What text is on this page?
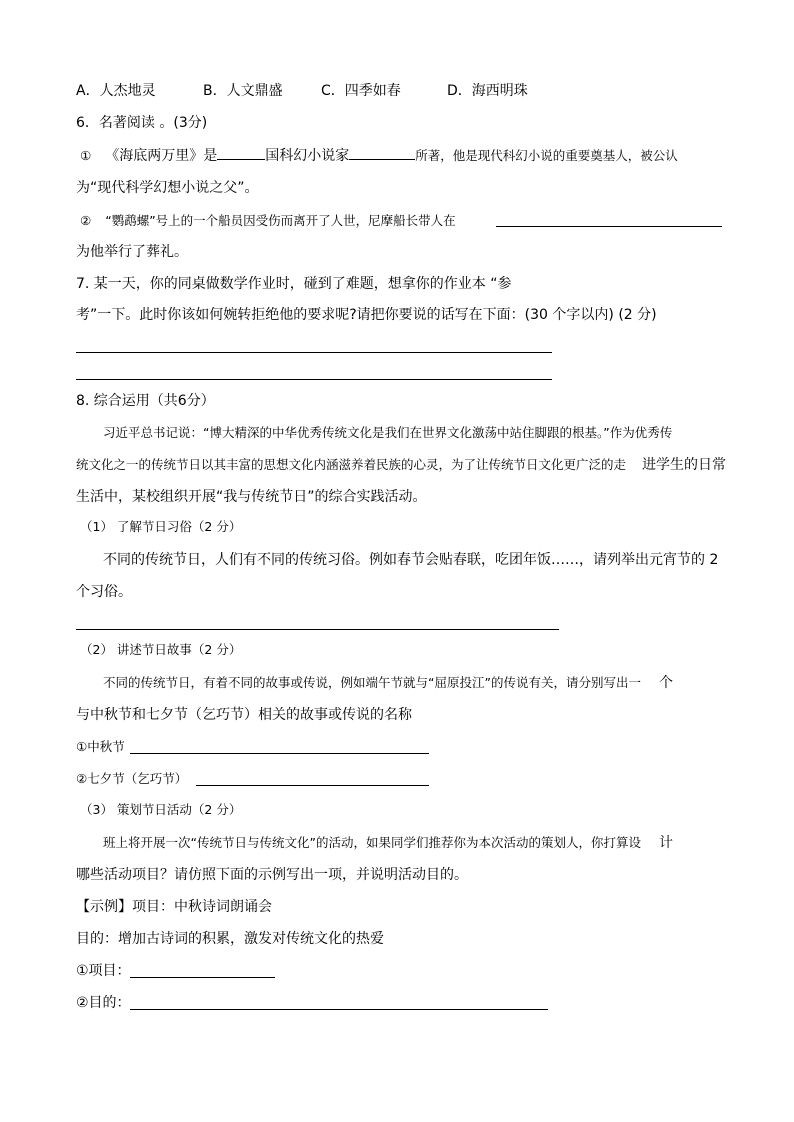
A．人杰地灵	B．人文鼎盛	C．四季如春	D．海西明珠
6．名著阅读 。(3分)
① 《海底两万里》是	国科幻小说家	所著，他是现代科幻小说的重要奠基人，被公认
为“现代科学幻想小说之父”。
② “鹦鹉螺”号上的一个船员因受伤而离开了人世，尼摩船长带人在
为他举行了葬礼。
7. 某一天，你的同桌做数学作业时，碰到了难题，想拿你的作业本 “参
考”一下。此时你该如何婉转拒绝他的要求呢?请把你要说的话写在下面：(30 个字以内) (2 分)
8. 综合运用（共6分）
习近平总书记说：“博大精深的中华优秀传统文化是我们在世界文化激荡中站住脚跟的根基。”作为优秀传
统文化之一的传统节日以其丰富的思想文化内涵滋养着民族的心灵，为了让传统节日文化更广泛的走 进学生的日常
生活中，某校组织开展“我与传统节日”的综合实践活动。
（1） 了解节日习俗（2 分）
不同的传统节日，人们有不同的传统习俗。例如春节会贴春联，吃团年饭……，请列举出元宵节的 2
个习俗。
（2） 讲述节日故事（2 分）
不同的传统节日，有着不同的故事或传说，例如端午节就与“屈原投江”的传说有关，请分别写出一 个
与中秋节和七夕节（乞巧节）相关的故事或传说的名称
①中秋节
②七夕节（乞巧节）
（3） 策划节日活动（2 分）
班上将开展一次“传统节日与传统文化”的活动，如果同学们推荐你为本次活动的策划人，你打算设 计
哪些活动项目？请仿照下面的示例写出一项，并说明活动目的。
【示例】项目：中秋诗词朗诵会
目的：增加古诗词的积累，激发对传统文化的热爱
①项目：
②目的：
